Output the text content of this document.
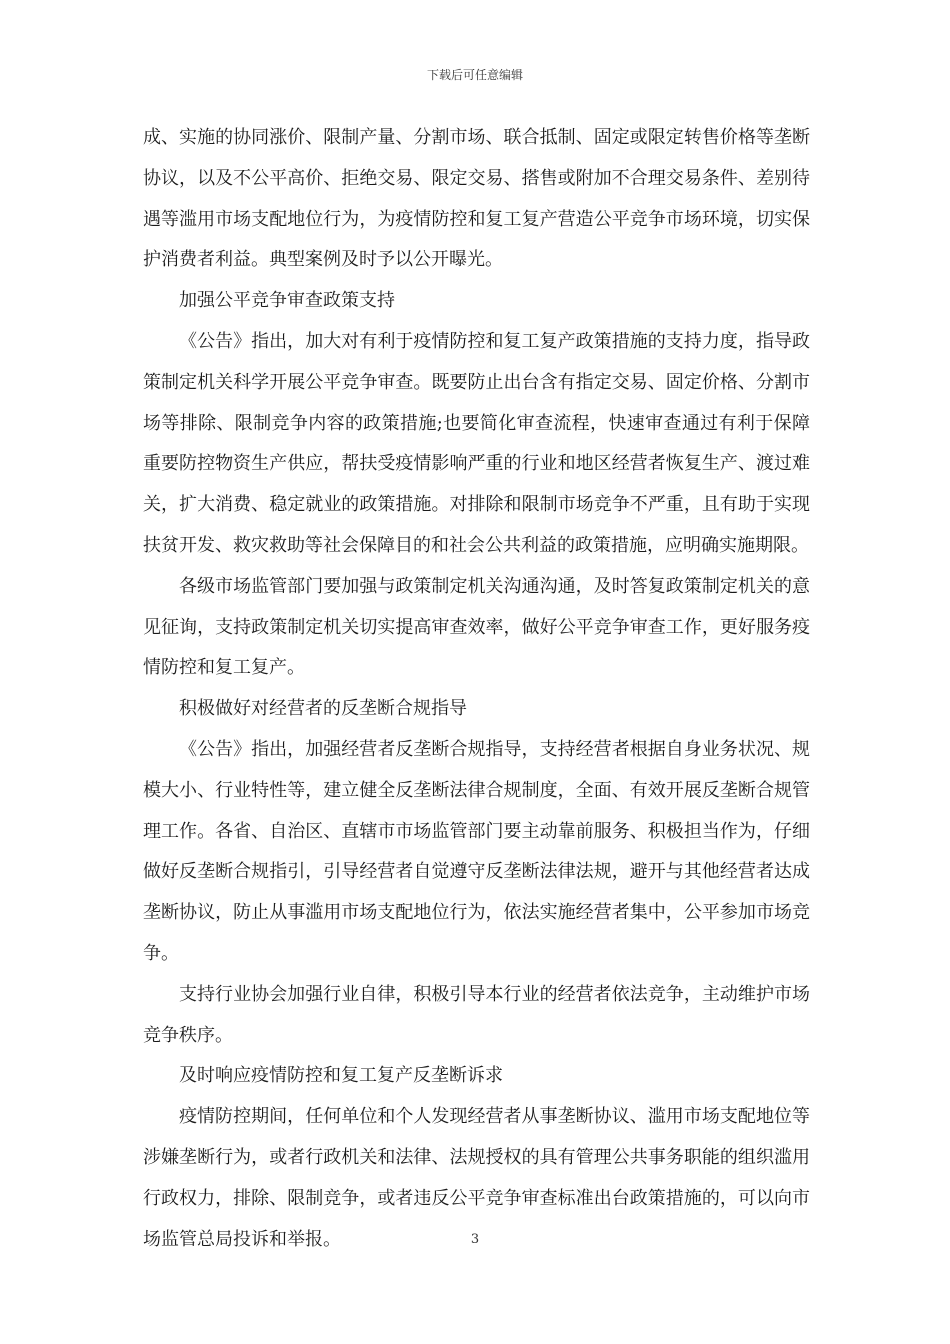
下载后可任意编辑

成、实施的协同涨价、限制产量、分割市场、联合抵制、固定或限定转售价格等垄断协议，以及不公平高价、拒绝交易、限定交易、搭售或附加不合理交易条件、差别待遇等滥用市场支配地位行为，为疫情防控和复工复产营造公平竞争市场环境，切实保护消费者利益。典型案例及时予以公开曝光。

加强公平竞争审查政策支持

《公告》指出，加大对有利于疫情防控和复工复产政策措施的支持力度，指导政策制定机关科学开展公平竞争审查。既要防止出台含有指定交易、固定价格、分割市场等排除、限制竞争内容的政策措施;也要简化审查流程，快速审查通过有利于保障重要防控物资生产供应，帮扶受疫情影响严重的行业和地区经营者恢复生产、渡过难关，扩大消费、稳定就业的政策措施。对排除和限制市场竞争不严重，且有助于实现扶贫开发、救灾救助等社会保障目的和社会公共利益的政策措施，应明确实施期限。

各级市场监管部门要加强与政策制定机关沟通沟通，及时答复政策制定机关的意见征询，支持政策制定机关切实提高审查效率，做好公平竞争审查工作，更好服务疫情防控和复工复产。

积极做好对经营者的反垄断合规指导

《公告》指出，加强经营者反垄断合规指导，支持经营者根据自身业务状况、规模大小、行业特性等，建立健全反垄断法律合规制度，全面、有效开展反垄断合规管理工作。各省、自治区、直辖市市场监管部门要主动靠前服务、积极担当作为，仔细做好反垄断合规指引，引导经营者自觉遵守反垄断法律法规，避开与其他经营者达成垄断协议，防止从事滥用市场支配地位行为，依法实施经营者集中，公平参加市场竞争。

支持行业协会加强行业自律，积极引导本行业的经营者依法竞争，主动维护市场竞争秩序。

及时响应疫情防控和复工复产反垄断诉求

疫情防控期间，任何单位和个人发现经营者从事垄断协议、滥用市场支配地位等涉嫌垄断行为，或者行政机关和法律、法规授权的具有管理公共事务职能的组织滥用行政权力，排除、限制竞争，或者违反公平竞争审查标准出台政策措施的，可以向市场监管总局投诉和举报。	3
